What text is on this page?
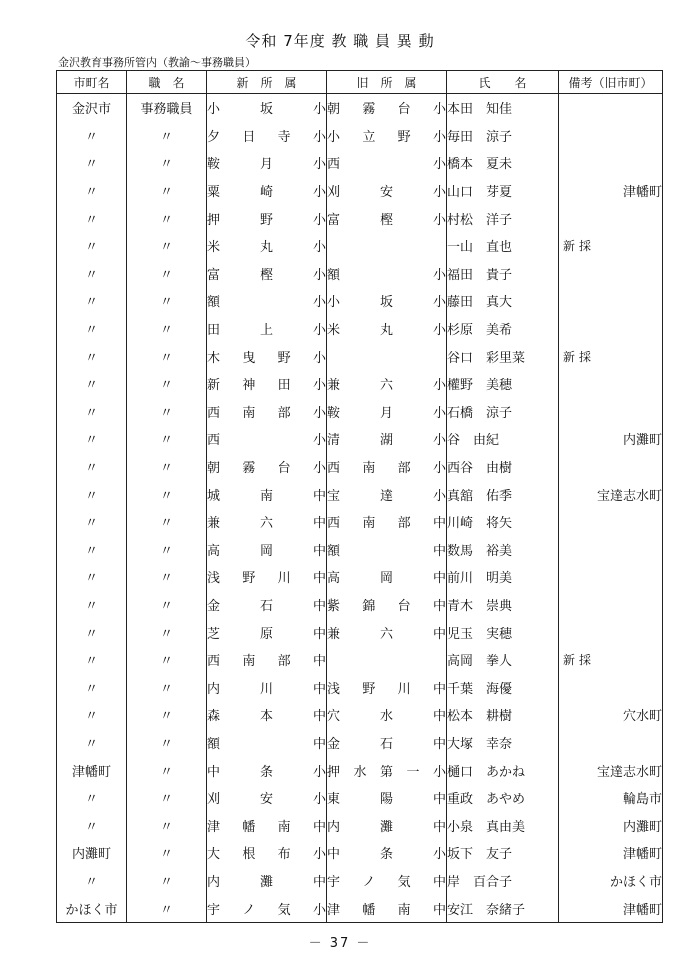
令和 7年度 教 職 員 異 動
金沢教育事務所管内（教諭～事務職員）
市町名	職　名	新　所　属	旧　所　属	氏　　名	備考（旧市町）
金沢市	事務職員	小坂小	朝霧台小	本田　知佳	
〃	〃	夕日寺小	小立野小	毎田　涼子	
〃	〃	鞍月小	西小	橋本　夏未	
〃	〃	粟崎小	刈安小	山口　芽夏	津幡町
〃	〃	押野小	富樫小	村松　洋子	
〃	〃	米丸小		一山　直也	新採
〃	〃	富樫小	額小	福田　貴子	
〃	〃	額小	小坂小	藤田　真大	
〃	〃	田上小	米丸小	杉原　美希	
〃	〃	木曳野小		谷口　彩里菜	新採
〃	〃	新神田小	兼六小	權野　美穂	
〃	〃	西南部小	鞍月小	石橋　涼子	
〃	〃	西小	清湖小	谷　由紀	内灘町
〃	〃	朝霧台小	西南部小	西谷　由樹	
〃	〃	城南中	宝達小	真舘　佑季	宝達志水町
〃	〃	兼六中	西南部中	川崎　将矢	
〃	〃	高岡中	額中	数馬　裕美	
〃	〃	浅野川中	高岡中	前川　明美	
〃	〃	金石中	紫錦台中	青木　崇典	
〃	〃	芝原中	兼六中	児玉　実穂	
〃	〃	西南部中		高岡　拳人	新採
〃	〃	内川中	浅野川中	千葉　海優	
〃	〃	森本中	穴水中	松本　耕樹	穴水町
〃	〃	額中	金石中	大塚　幸奈	
津幡町	〃	中条小	押水第一小	樋口　あかね	宝達志水町
〃	〃	刈安小	東陽中	重政　あやめ	輪島市
〃	〃	津幡南中	内灘中	小泉　真由美	内灘町
内灘町	〃	大根布小	中条小	坂下　友子	津幡町
〃	〃	内灘中	宇ノ気中	岸　百合子	かほく市
かほく市	〃	宇ノ気小	津幡南中	安江　奈緒子	津幡町
－ 37 －
